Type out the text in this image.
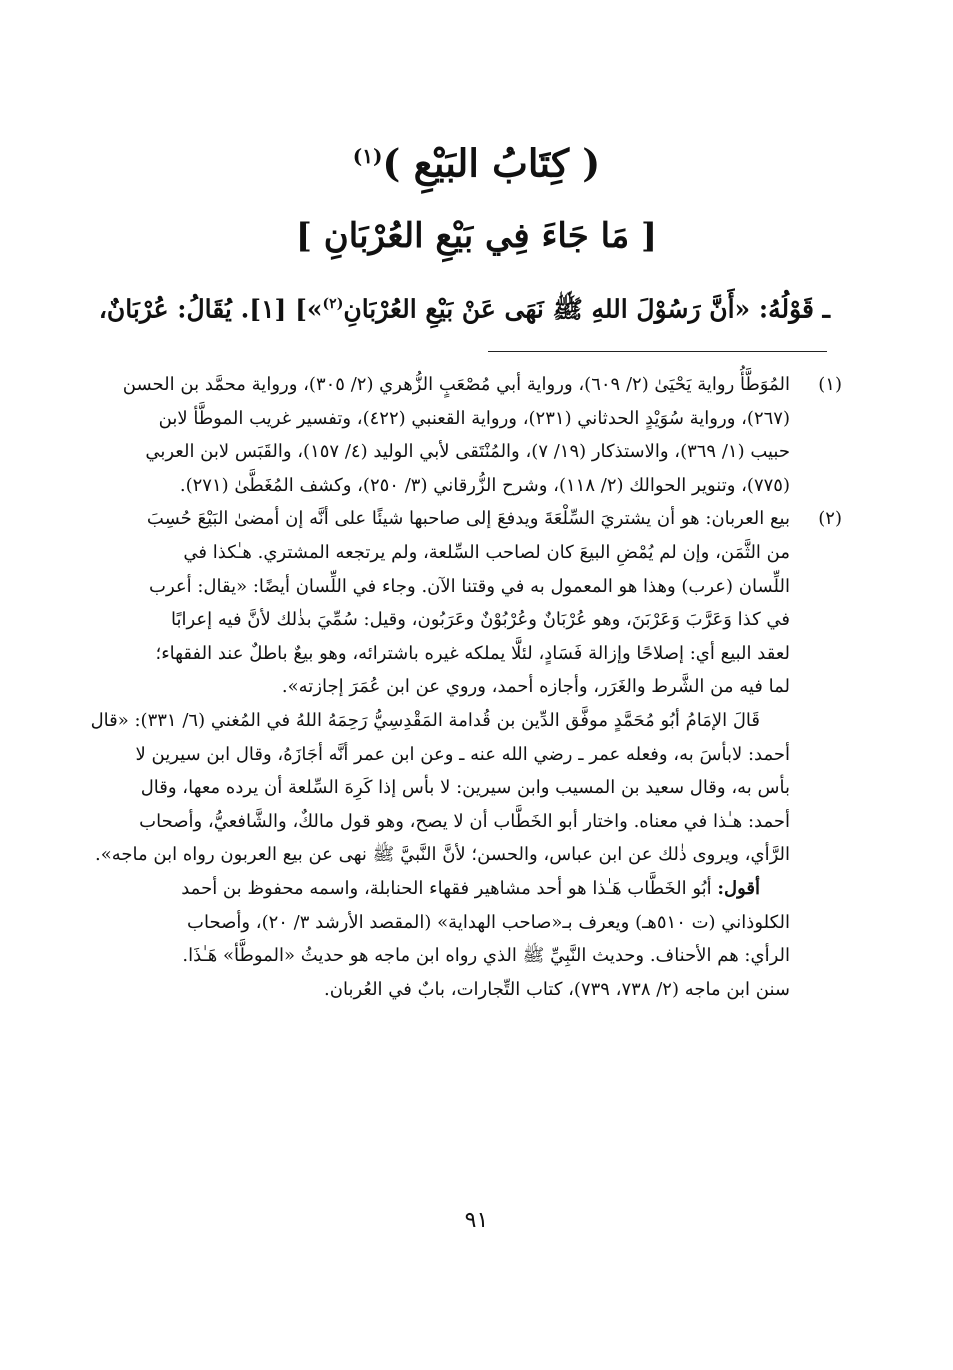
( كِتَابُ البَيْعِ )$^{(١)}$
[ مَا جَاءَ فِي بَيْعِ العُرْبَانِ ]
ـ قَوْلُهُ: «أَنَّ رَسُوْلَ اللهِ ﷺ نَهَى عَنْ بَيْعِ العُرْبَانِ$^{(٢)}$»] [١]. يُقَالُ: عُرْبَانٌ،
(١)
المُوَطَّأُ رواية يَحْيَىٰ (٢/ ٦٠٩)، ورواية أبي مُصْعَبٍ الزُّهري (٢/ ٣٠٥)، ورواية محمَّد بن الحسن
(٢٦٧)، ورواية سُوَيْدٍ الحدثاني (٢٣١)، ورواية القعنبي (٤٢٢)، وتفسير غريب الموطَّأ لابن
حبيب (١/ ٣٦٩)، والاستذكار (١٩/ ٧)، والمُنْتَقى لأبي الوليد (٤/ ١٥٧)، والقَبَس لابن العربي
(٧٧٥)، وتنوير الحوالك (٢/ ١١٨)، وشرح الزُّرقاني (٣/ ٢٥٠)، وكشف المُغَطَّىٰ (٢٧١).
(٢)
بيع العربان: هو أن يشتريَ السِّلْعَةَ ويدفعَ إلى صاحبها شيئًا على أنَّه إن أمضىٰ البَيْعَ حُسِبَ
من الثَّمَن، وإن لم يُمْضِ البيعَ كان لصاحب السِّلعة، ولم يرتجعه المشتري. هـٰكذا في
اللِّسان (عرب) وهذا هو المعمول به في وقتنا الآن. وجاء في اللِّسان أيضًا: «يقال: أعرب
في كذا وَعَرَّبَ وَعَرْبَنَ، وهو عُرْبَانٌ وعُرْبُوْنٌ وعَرَبُون، وقيل: سُمِّيَ بذٰلك لأنَّ فيه إعرابًا
لعقد البيع أي: إصلاحًا وإزالة فَسَادٍ، لئلَّا يملكه غيره باشترائه، وهو بيعٌ باطلٌ عند الفقهاء؛
لما فيه من الشَّرط والغَرَر، وأجازه أحمد، وروي عن ابن عُمَرَ إجازته».
قَالَ الإمَامُ أبُو مُحَمَّدٍ موفَّق الدِّين بن قُدامة المَقْدِسِيُّ رَحِمَهُ اللهُ في المُغني (٦/ ٣٣١): «قال
أحمد: لابأسَ به، وفعله عمر ـ رضي الله عنه ـ وعن ابن عمر أنَّه أجَازَهُ، وقال ابن سيرين لا
بأس به، وقال سعيد بن المسيب وابن سيرين: لا بأس إذا كَرِهَ السِّلعة أن يرده معها، وقال
أحمد: هـٰذا في معناه. واختار أبو الخَطَّاب أن لا يصح، وهو قول مالكٌ، والشَّافعيُّ، وأصحاب
الرَّأي، ويروى ذٰلك عن ابن عباس، والحسن؛ لأنَّ النَّبيَّ ﷺ نهى عن بيع العربون رواه ابن ماجه».
أقول: أبُو الخَطَّاب هَـٰذا هو أحد مشاهير فقهاء الحنابلة، واسمه محفوظ بن أحمد
الكلوذاني (ت ٥١٠هـ) ويعرف بـ«صاحب الهداية» (المقصد الأرشد ٣/ ٢٠)، وأصحاب
الرأي: هم الأحناف. وحديث النَّبِيِّ ﷺ الذي رواه ابن ماجه هو حديثُ «الموطَّأ» هَـٰذَا.
سنن ابن ماجه (٢/ ٧٣٨، ٧٣٩)، كتاب التِّجارات، بابٌ في العُربان.
٩١
